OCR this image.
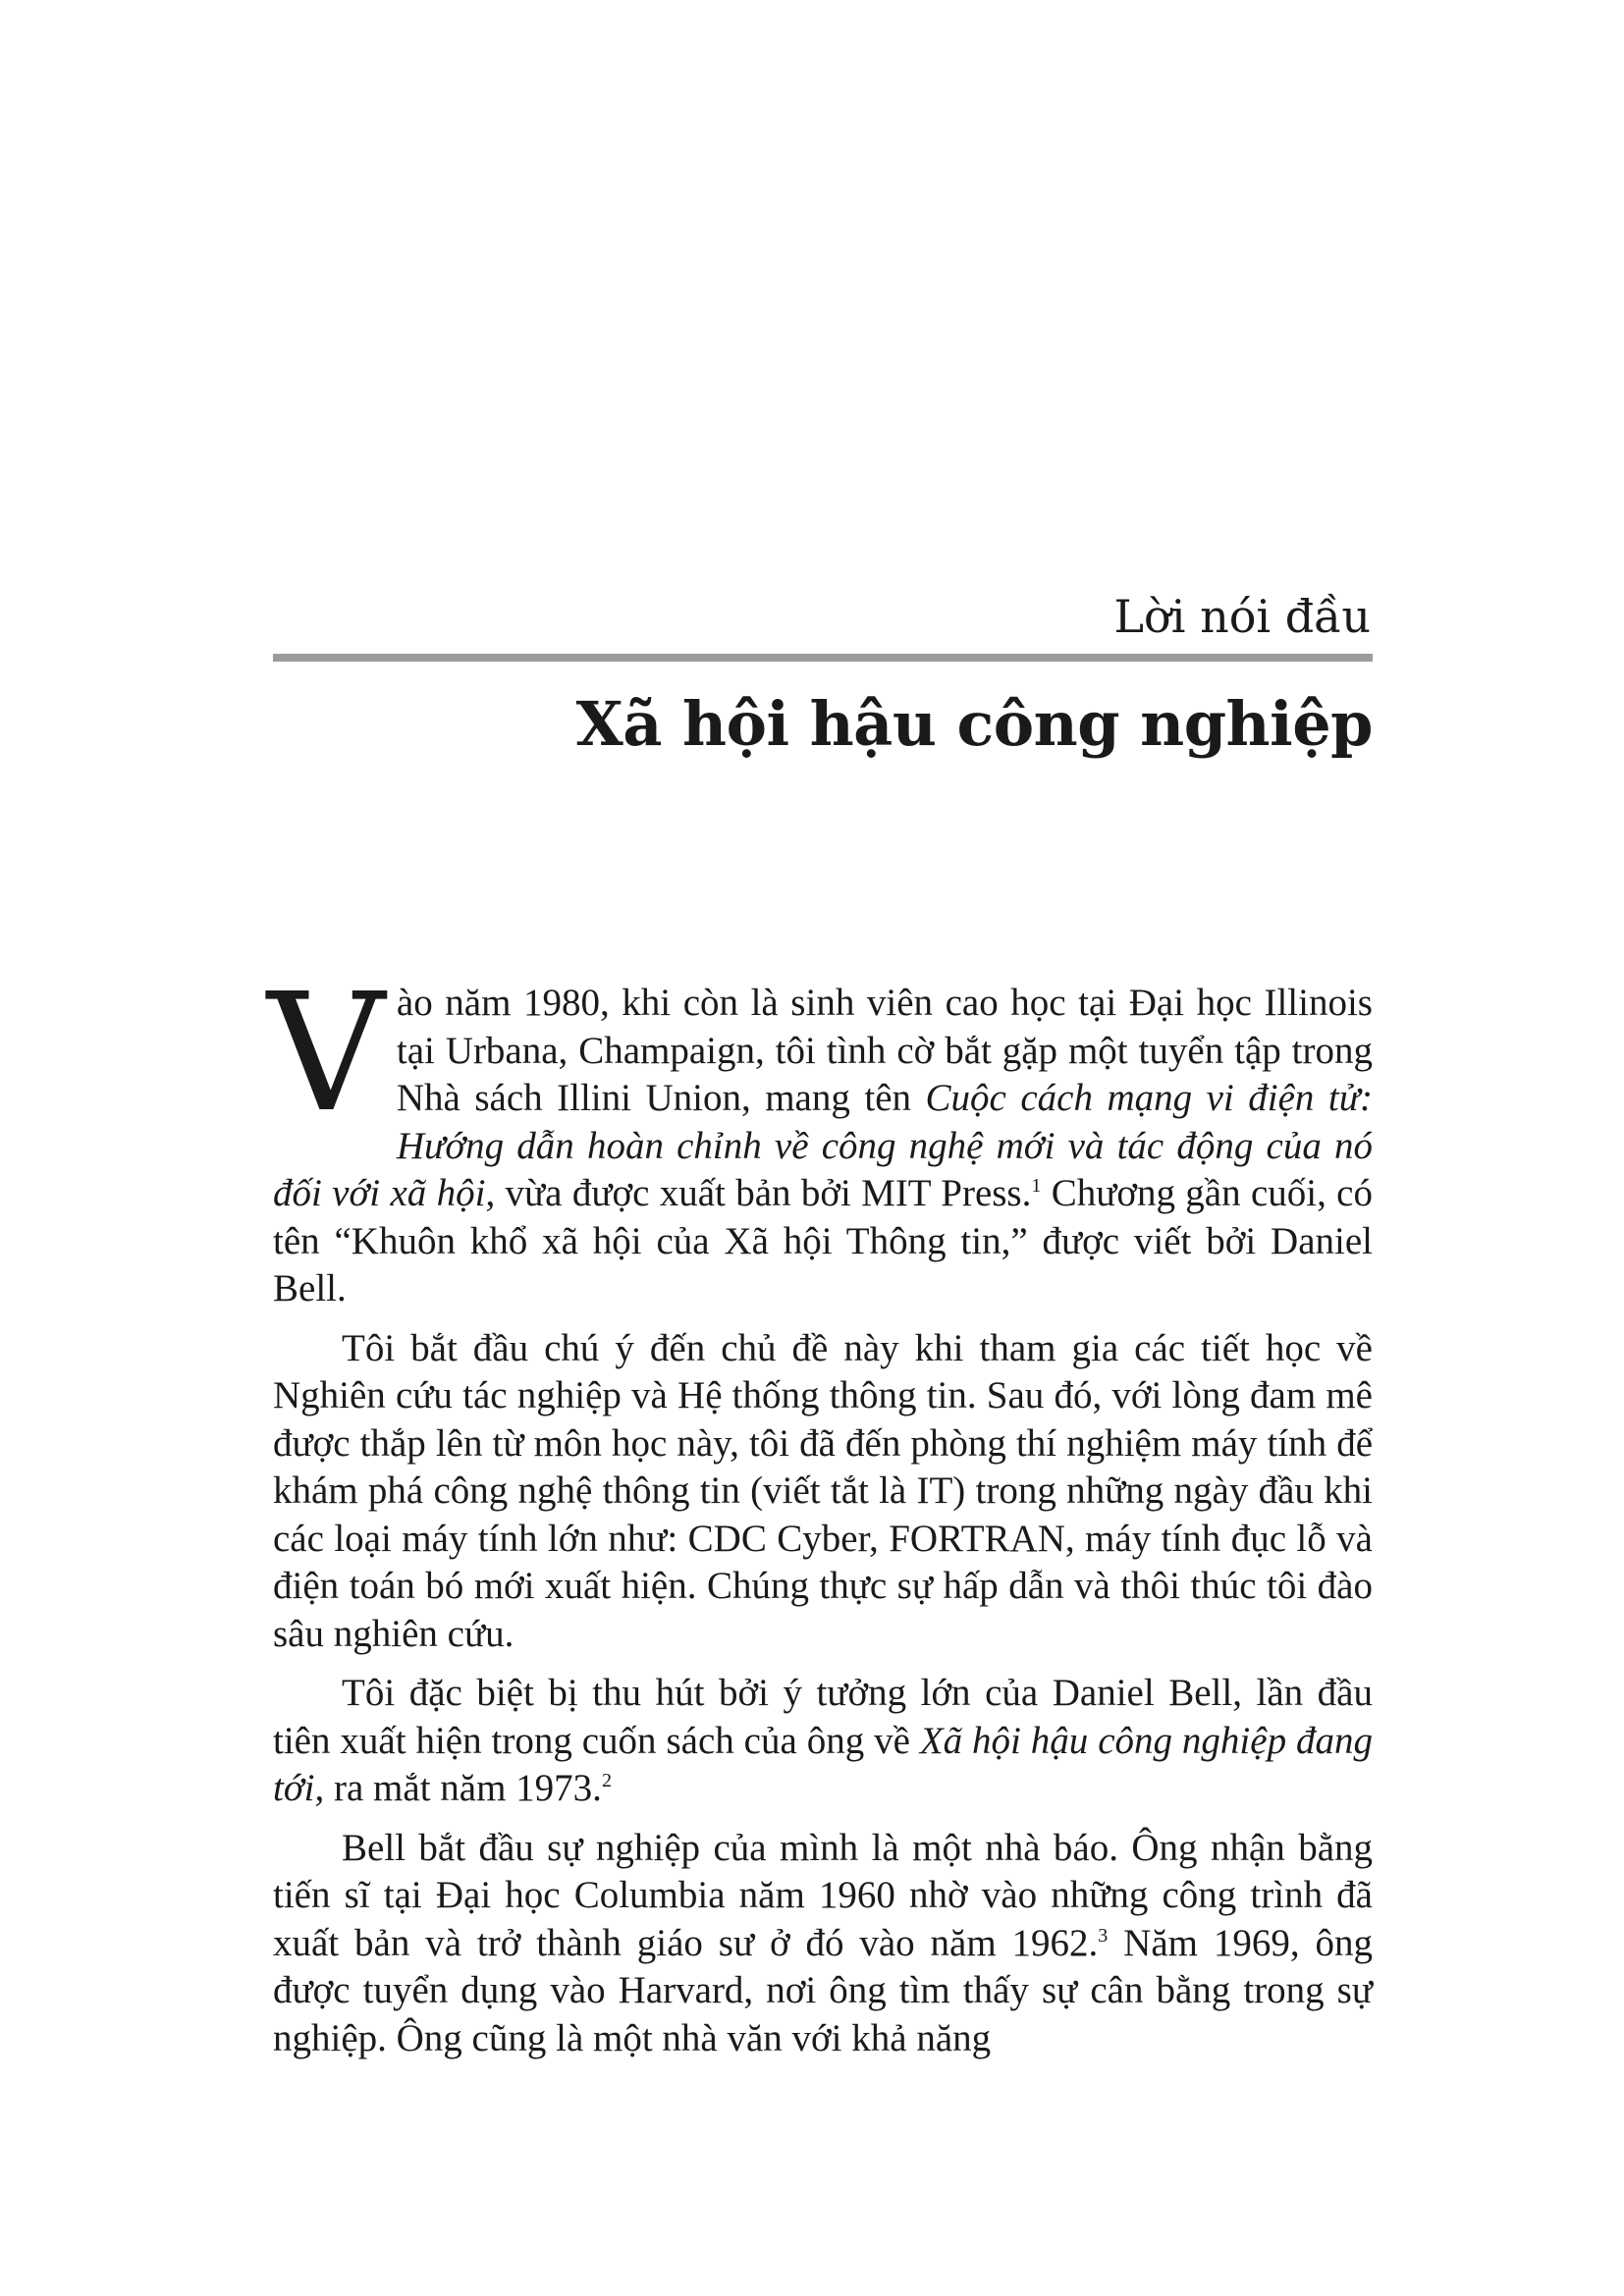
Lời nói đầu
Xã hội hậu công nghiệp

Vào năm 1980, khi còn là sinh viên cao học tại Đại học Illinois tại Urbana, Champaign, tôi tình cờ bắt gặp một tuyển tập trong Nhà sách Illini Union, mang tên Cuộc cách mạng vi điện tử: Hướng dẫn hoàn chỉnh về công nghệ mới và tác động của nó đối với xã hội, vừa được xuất bản bởi MIT Press.$^1$ Chương gần cuối, có tên “Khuôn khổ xã hội của Xã hội Thông tin,” được viết bởi Daniel Bell.

Tôi bắt đầu chú ý đến chủ đề này khi tham gia các tiết học về Nghiên cứu tác nghiệp và Hệ thống thông tin. Sau đó, với lòng đam mê được thắp lên từ môn học này, tôi đã đến phòng thí nghiệm máy tính để khám phá công nghệ thông tin (viết tắt là IT) trong những ngày đầu khi các loại máy tính lớn như: CDC Cyber, FORTRAN, máy tính đục lỗ và điện toán bó mới xuất hiện. Chúng thực sự hấp dẫn và thôi thúc tôi đào sâu nghiên cứu.

Tôi đặc biệt bị thu hút bởi ý tưởng lớn của Daniel Bell, lần đầu tiên xuất hiện trong cuốn sách của ông về Xã hội hậu công nghiệp đang tới, ra mắt năm 1973.$^2$

Bell bắt đầu sự nghiệp của mình là một nhà báo. Ông nhận bằng tiến sĩ tại Đại học Columbia năm 1960 nhờ vào những công trình đã xuất bản và trở thành giáo sư ở đó vào năm 1962.$^3$ Năm 1969, ông được tuyển dụng vào Harvard, nơi ông tìm thấy sự cân bằng trong sự nghiệp. Ông cũng là một nhà văn với khả năng
